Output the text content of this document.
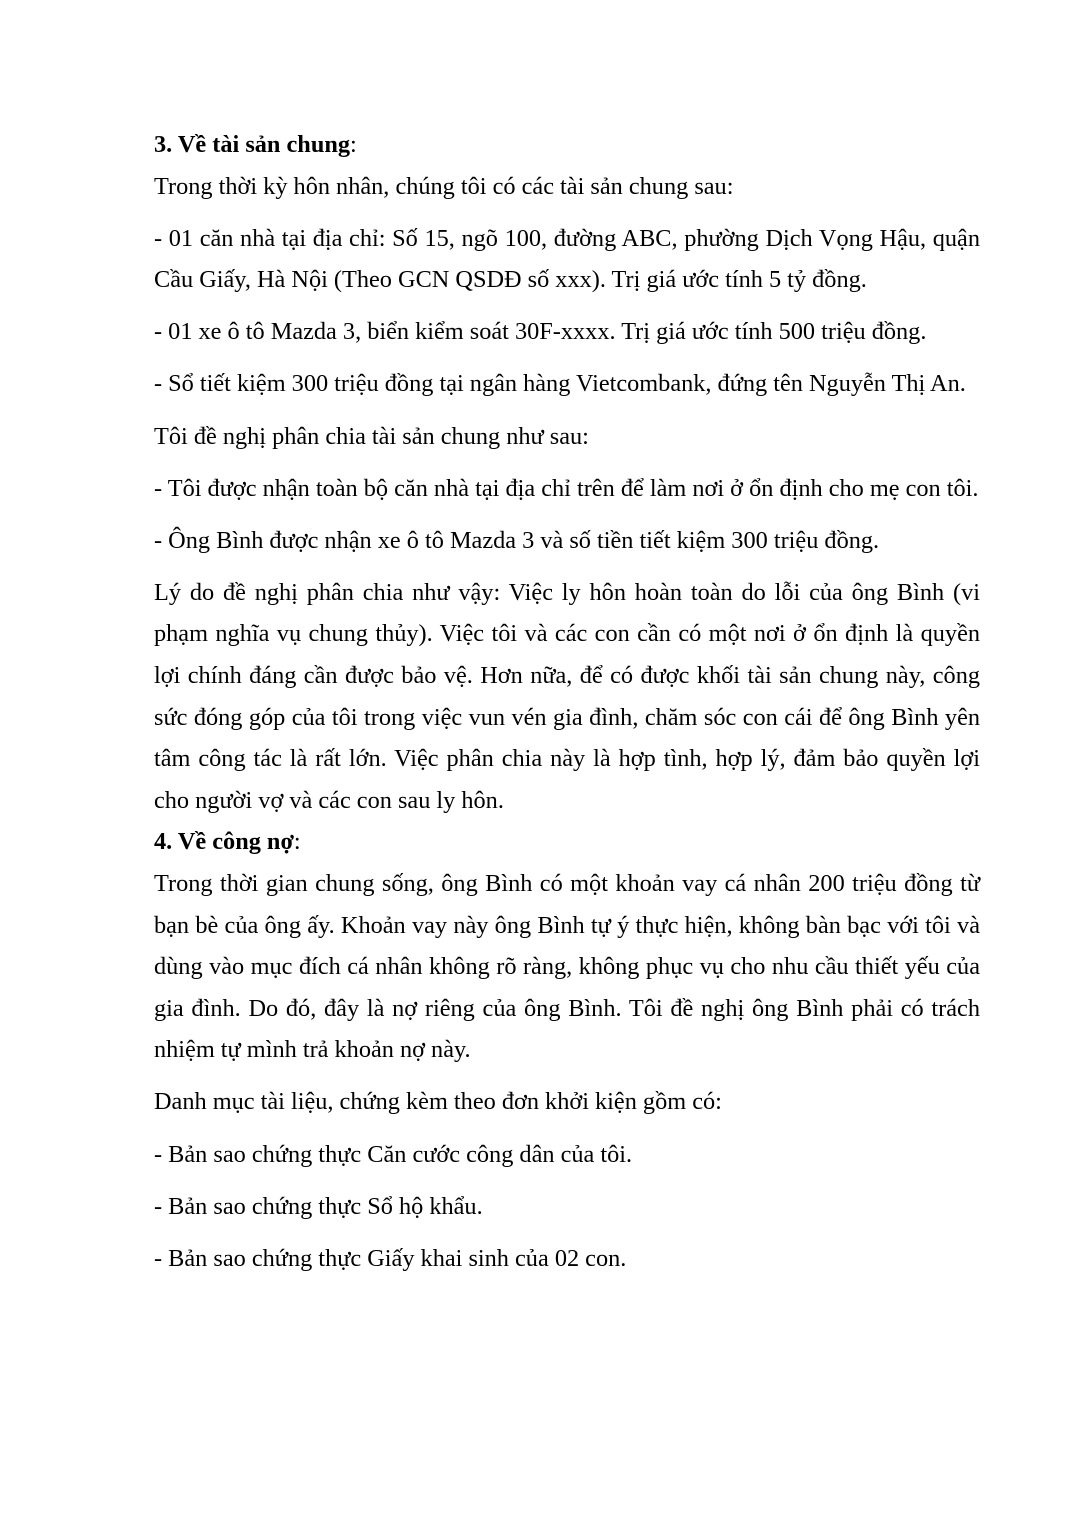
3. Về tài sản chung:

Trong thời kỳ hôn nhân, chúng tôi có các tài sản chung sau:

- 01 căn nhà tại địa chỉ: Số 15, ngõ 100, đường ABC, phường Dịch Vọng Hậu, quận Cầu Giấy, Hà Nội (Theo GCN QSDĐ số xxx). Trị giá ước tính 5 tỷ đồng.

- 01 xe ô tô Mazda 3, biển kiểm soát 30F-xxxx. Trị giá ước tính 500 triệu đồng.

- Sổ tiết kiệm 300 triệu đồng tại ngân hàng Vietcombank, đứng tên Nguyễn Thị An.

Tôi đề nghị phân chia tài sản chung như sau:

- Tôi được nhận toàn bộ căn nhà tại địa chỉ trên để làm nơi ở ổn định cho mẹ con tôi.

- Ông Bình được nhận xe ô tô Mazda 3 và số tiền tiết kiệm 300 triệu đồng.

Lý do đề nghị phân chia như vậy: Việc ly hôn hoàn toàn do lỗi của ông Bình (vi phạm nghĩa vụ chung thủy). Việc tôi và các con cần có một nơi ở ổn định là quyền lợi chính đáng cần được bảo vệ. Hơn nữa, để có được khối tài sản chung này, công sức đóng góp của tôi trong việc vun vén gia đình, chăm sóc con cái để ông Bình yên tâm công tác là rất lớn. Việc phân chia này là hợp tình, hợp lý, đảm bảo quyền lợi cho người vợ và các con sau ly hôn.

4. Về công nợ:

Trong thời gian chung sống, ông Bình có một khoản vay cá nhân 200 triệu đồng từ bạn bè của ông ấy. Khoản vay này ông Bình tự ý thực hiện, không bàn bạc với tôi và dùng vào mục đích cá nhân không rõ ràng, không phục vụ cho nhu cầu thiết yếu của gia đình. Do đó, đây là nợ riêng của ông Bình. Tôi đề nghị ông Bình phải có trách nhiệm tự mình trả khoản nợ này.

Danh mục tài liệu, chứng kèm theo đơn khởi kiện gồm có:

- Bản sao chứng thực Căn cước công dân của tôi.

- Bản sao chứng thực Sổ hộ khẩu.

- Bản sao chứng thực Giấy khai sinh của 02 con.
